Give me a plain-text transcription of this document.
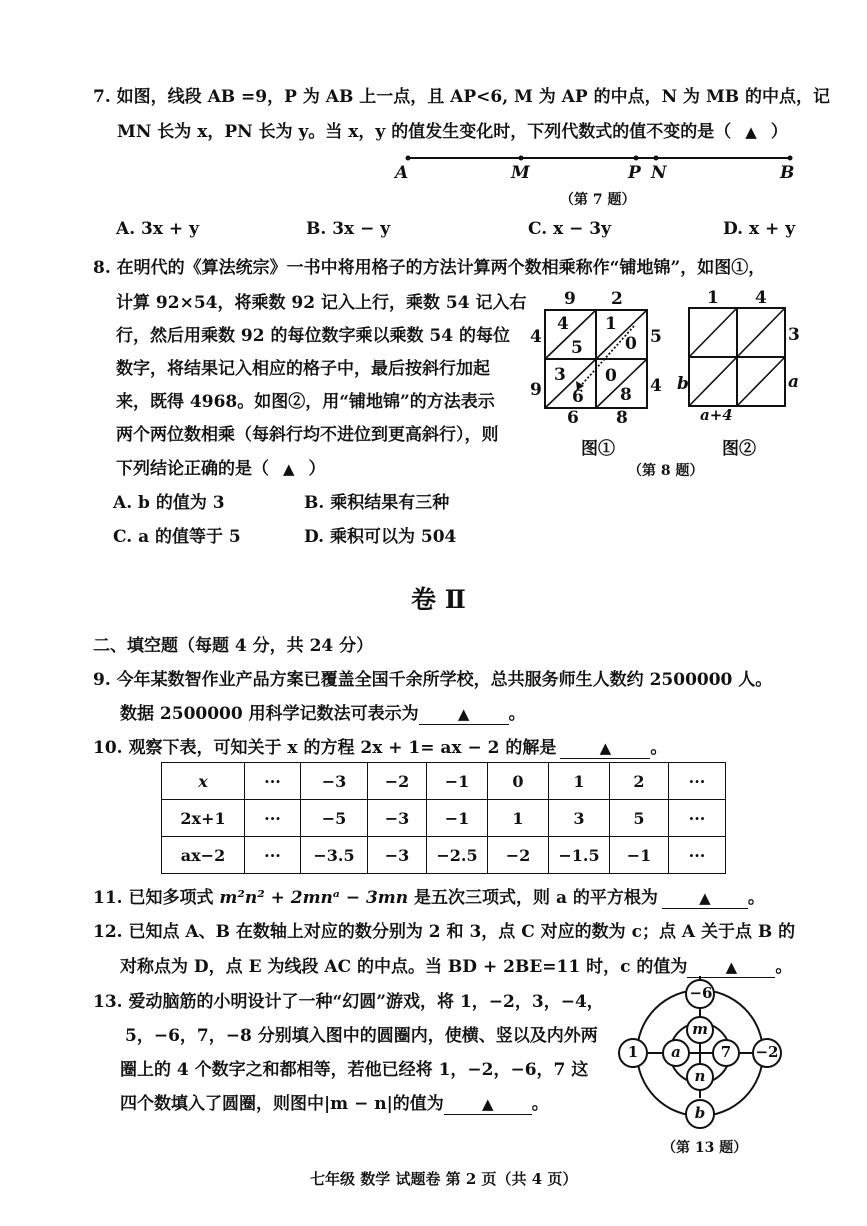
7. 如图，线段 AB =9，P 为 AB 上一点，且 AP<6, M 为 AP 的中点，N 为 MB 的中点，记
MN 长为 x，PN 长为 y。当 x，y 的值发生变化时，下列代数式的值不变的是（ ▲ ）
A	M	P N	B
（第 7 题）
A. 3x + y	B. 3x − y	C. x − 3y	D. x + y
8. 在明代的《算法统宗》一书中将用格子的方法计算两个数相乘称作“铺地锦”，如图①，
计算 92×54，将乘数 92 记入上行，乘数 54 记入右
行，然后用乘数 92 的每位数字乘以乘数 54 的每位
数字，将结果记入相应的格子中，最后按斜行加起
来，既得 4968。如图②，用“铺地锦”的方法表示
两个两位数相乘（每斜行均不进位到更高斜行），则
下列结论正确的是（ ▲ ）
A. b 的值为 3	B. 乘积结果有三种
C. a 的值等于 5	D. 乘积可以为 504
9 2
5
4
4
9
6 8
4
5
1
0
3
6
0
8
图①
1 4
3
a
b
a+4
图②
（第 8 题）
卷 Ⅱ
二、填空题（每题 4 分，共 24 分）
9. 今年某数智作业产品方案已覆盖全国千余所学校，总共服务师生人数约 2500000 人。
数据 2500000 用科学记数法可表示为	▲ 。
10. 观察下表，可知关于 x 的方程 2x + 1= ax − 2 的解是	▲ 。
x	···	−3	−2	−1	0	1	2	···
2x+1	···	−5	−3	−1	1	3	5	···
ax−2	···	−3.5	−3	−2.5	−2	−1.5	−1	···
11. 已知多项式 m²n² + 2mnᵃ − 3mn 是五次三项式，则 a 的平方根为	▲ 。
12. 已知点 A、B 在数轴上对应的数分别为 2 和 3，点 C 对应的数为 c；点 A 关于点 B 的
对称点为 D，点 E 为线段 AC 的中点。当 BD + 2BE=11 时，c 的值为	▲ 。
13. 爱动脑筋的小明设计了一种“幻圆”游戏，将 1，−2，3，−4，
5，−6，7，−8 分别填入图中的圆圈内，使横、竖以及内外两
圈上的 4 个数字之和都相等，若他已经将 1，−2，−6，7 这
四个数填入了圆圈，则图中|m − n|的值为	▲ 。
−6
1	−2
b
m
a	7
n
（第 13 题）
七年级 数学 试题卷 第 2 页（共 4 页）
